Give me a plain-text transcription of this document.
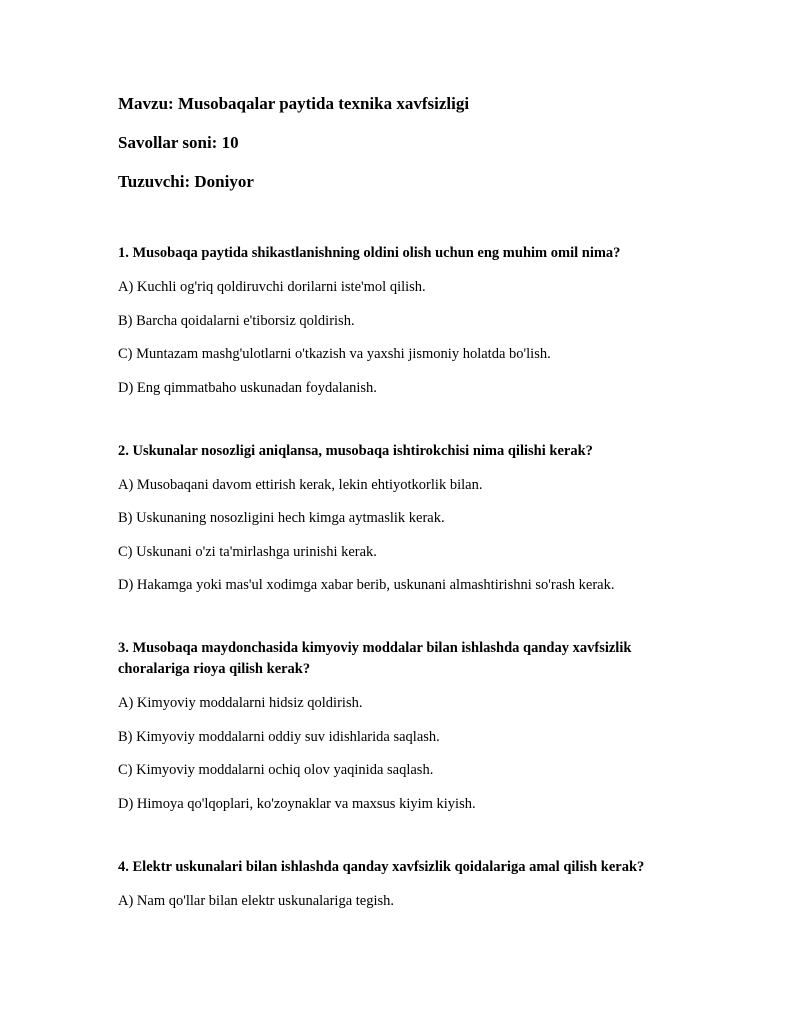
Mavzu: Musobaqalar paytida texnika xavfsizligi
Savollar soni: 10
Tuzuvchi: Doniyor

1. Musobaqa paytida shikastlanishning oldini olish uchun eng muhim omil nima?

A) Kuchli og'riq qoldiruvchi dorilarni iste'mol qilish.

B) Barcha qoidalarni e'tiborsiz qoldirish.

C) Muntazam mashg'ulotlarni o'tkazish va yaxshi jismoniy holatda bo'lish.

D) Eng qimmatbaho uskunadan foydalanish.

2. Uskunalar nosozligi aniqlansa, musobaqa ishtirokchisi nima qilishi kerak?

A) Musobaqani davom ettirish kerak, lekin ehtiyotkorlik bilan.

B) Uskunaning nosozligini hech kimga aytmaslik kerak.

C) Uskunani o'zi ta'mirlashga urinishi kerak.

D) Hakamga yoki mas'ul xodimga xabar berib, uskunani almashtirishni so'rash kerak.

3. Musobaqa maydonchasida kimyoviy moddalar bilan ishlashda qanday xavfsizlik choralariga rioya qilish kerak?

A) Kimyoviy moddalarni hidsiz qoldirish.

B) Kimyoviy moddalarni oddiy suv idishlarida saqlash.

C) Kimyoviy moddalarni ochiq olov yaqinida saqlash.

D) Himoya qo'lqoplari, ko'zoynaklar va maxsus kiyim kiyish.

4. Elektr uskunalari bilan ishlashda qanday xavfsizlik qoidalariga amal qilish kerak?

A) Nam qo'llar bilan elektr uskunalariga tegish.
